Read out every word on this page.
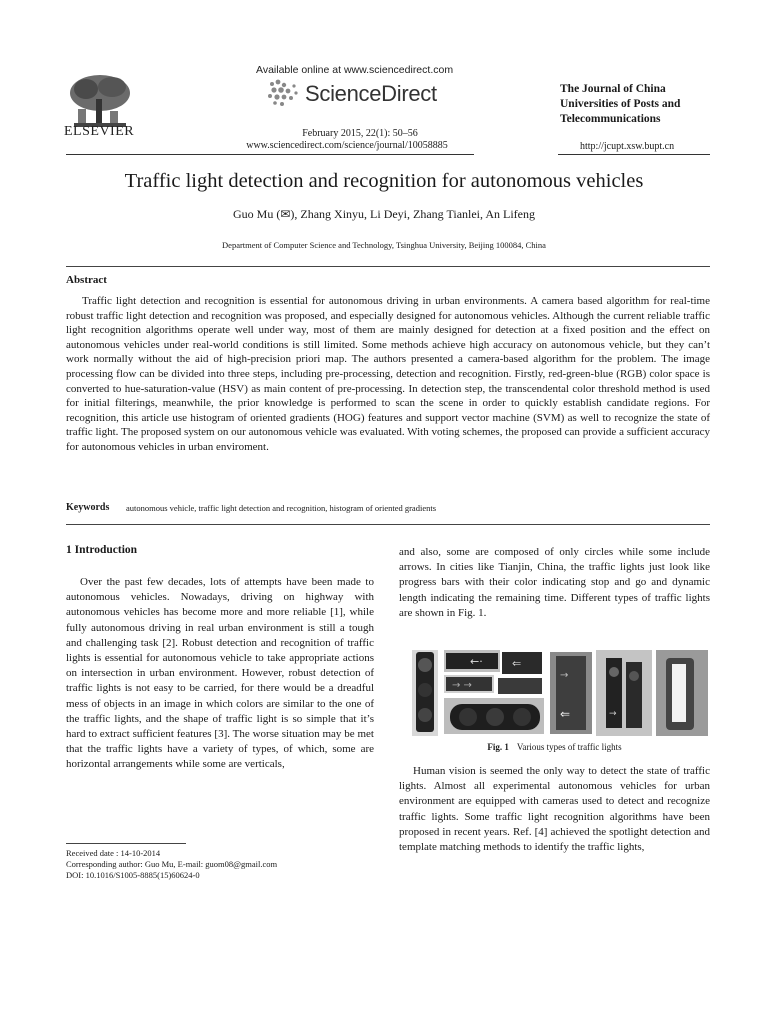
ELSEVIER
Available online at www.sciencedirect.com
ScienceDirect
February 2015, 22(1): 50–56
www.sciencedirect.com/science/journal/10058885
The Journal of China Universities of Posts and Telecommunications
http://jcupt.xsw.bupt.cn
Traffic light detection and recognition for autonomous vehicles
Guo Mu (✉), Zhang Xinyu, Li Deyi, Zhang Tianlei, An Lifeng
Department of Computer Science and Technology, Tsinghua University, Beijing 100084, China
Abstract

Traffic light detection and recognition is essential for autonomous driving in urban environments. A camera based algorithm for real-time robust traffic light detection and recognition was proposed, and especially designed for autonomous vehicles. Although the current reliable traffic light recognition algorithms operate well under way, most of them are mainly designed for detection at a fixed position and the effect on autonomous vehicles under real-world conditions is still limited. Some methods achieve high accuracy on autonomous vehicle, but they can’t work normally without the aid of high-precision priori map. The authors presented a camera-based algorithm for the problem. The image processing flow can be divided into three steps, including pre-processing, detection and recognition. Firstly, red-green-blue (RGB) color space is converted to hue-saturation-value (HSV) as main content of pre-processing. In detection step, the transcendental color threshold method is used for initial filterings, meanwhile, the prior knowledge is performed to scan the scene in order to quickly establish candidate regions. For recognition, this article use histogram of oriented gradients (HOG) features and support vector machine (SVM) as well to recognize the state of traffic light. The proposed system on our autonomous vehicle was evaluated. With voting schemes, the proposed can provide a sufficient accuracy for autonomous vehicles in urban enviroment.

Keywords autonomous vehicle, traffic light detection and recognition, histogram of oriented gradients
1 Introduction

Over the past few decades, lots of attempts have been made to autonomous vehicles. Nowadays, driving on highway with autonomous vehicles has become more and more reliable [1], while fully autonomous driving in real urban environment is still a tough and challenging task [2]. Robust detection and recognition of traffic lights is essential for autonomous vehicle to take appropriate actions on intersection in urban environment. However, robust detection of traffic lights is not easy to be carried, for there would be a dreadful mess of objects in an image in which colors are similar to the one of the traffic lights, and the shape of traffic light is so simple that it’s hard to extract sufficient features [3]. The worse situation may be met that the traffic lights have a variety of types, of which, some are horizontal arrangements while some are verticals,

and also, some are composed of only circles while some include arrows. In cities like Tianjin, China, the traffic lights just look like progress bars with their color indicating stop and go and dynamic length indicating the remaining time. Different types of traffic lights are shown in Fig. 1.

←·	⇐
→ →
→
⇐	→
Fig. 1 Various types of traffic lights

Human vision is seemed the only way to detect the state of traffic lights. Almost all experimental autonomous vehicles for urban environment are equipped with cameras used to detect and recognize traffic lights. Some traffic light recognition algorithms have been proposed in recent years. Ref. [4] achieved the spotlight detection and template matching methods to identify the traffic lights,

Received date : 14-10-2014
Corresponding author: Guo Mu, E-mail: guom08@gmail.com
DOI: 10.1016/S1005-8885(15)60624-0
